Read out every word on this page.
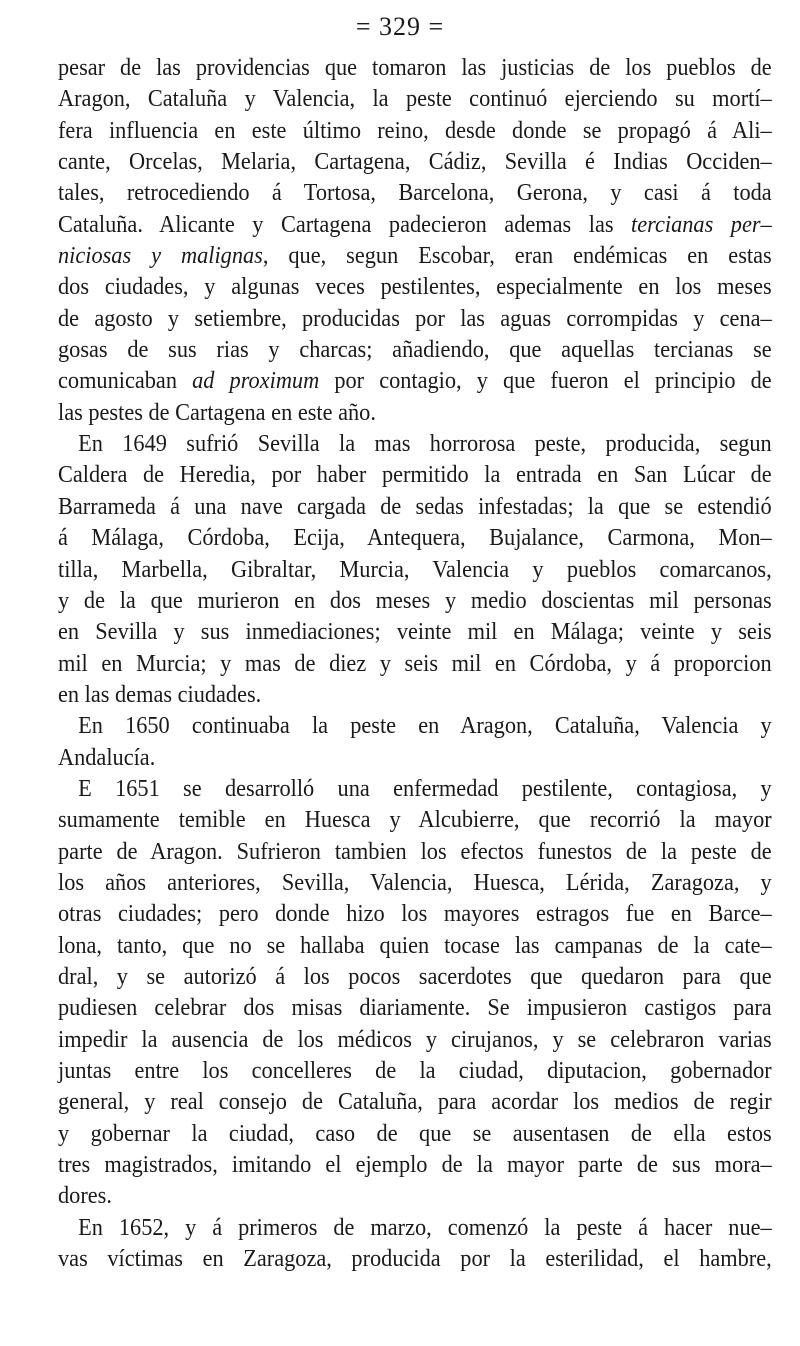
= 329 =
pesar de las providencias que tomaron las justicias de los pueblos de
Aragon, Cataluña y Valencia, la peste continuó ejerciendo su mortí–
fera influencia en este último reino, desde donde se propagó á Ali–
cante, Orcelas, Melaria, Cartagena, Cádiz, Sevilla é Indias Occiden–
tales, retrocediendo á Tortosa, Barcelona, Gerona, y casi á toda
Cataluña. Alicante y Cartagena padecieron ademas las tercianas per–
niciosas y malignas, que, segun Escobar, eran endémicas en estas
dos ciudades, y algunas veces pestilentes, especialmente en los meses
de agosto y setiembre, producidas por las aguas corrompidas y cena–
gosas de sus rias y charcas; añadiendo, que aquellas tercianas se
comunicaban ad proximum por contagio, y que fueron el principio de
las pestes de Cartagena en este año.
En 1649 sufrió Sevilla la mas horrorosa peste, producida, segun
Caldera de Heredia, por haber permitido la entrada en San Lúcar de
Barrameda á una nave cargada de sedas infestadas; la que se estendió
á Málaga, Córdoba, Ecija, Antequera, Bujalance, Carmona, Mon–
tilla, Marbella, Gibraltar, Murcia, Valencia y pueblos comarcanos,
y de la que murieron en dos meses y medio doscientas mil personas
en Sevilla y sus inmediaciones; veinte mil en Málaga; veinte y seis
mil en Murcia; y mas de diez y seis mil en Córdoba, y á proporcion
en las demas ciudades.
En 1650 continuaba la peste en Aragon, Cataluña, Valencia y
Andalucía.
E 1651 se desarrolló una enfermedad pestilente, contagiosa, y
sumamente temible en Huesca y Alcubierre, que recorrió la mayor
parte de Aragon. Sufrieron tambien los efectos funestos de la peste de
los años anteriores, Sevilla, Valencia, Huesca, Lérida, Zaragoza, y
otras ciudades; pero donde hizo los mayores estragos fue en Barce–
lona, tanto, que no se hallaba quien tocase las campanas de la cate–
dral, y se autorizó á los pocos sacerdotes que quedaron para que
pudiesen celebrar dos misas diariamente. Se impusieron castigos para
impedir la ausencia de los médicos y cirujanos, y se celebraron varias
juntas entre los concelleres de la ciudad, diputacion, gobernador
general, y real consejo de Cataluña, para acordar los medios de regir
y gobernar la ciudad, caso de que se ausentasen de ella estos
tres magistrados, imitando el ejemplo de la mayor parte de sus mora–
dores.
En 1652, y á primeros de marzo, comenzó la peste á hacer nue–
vas víctimas en Zaragoza, producida por la esterilidad, el hambre,
